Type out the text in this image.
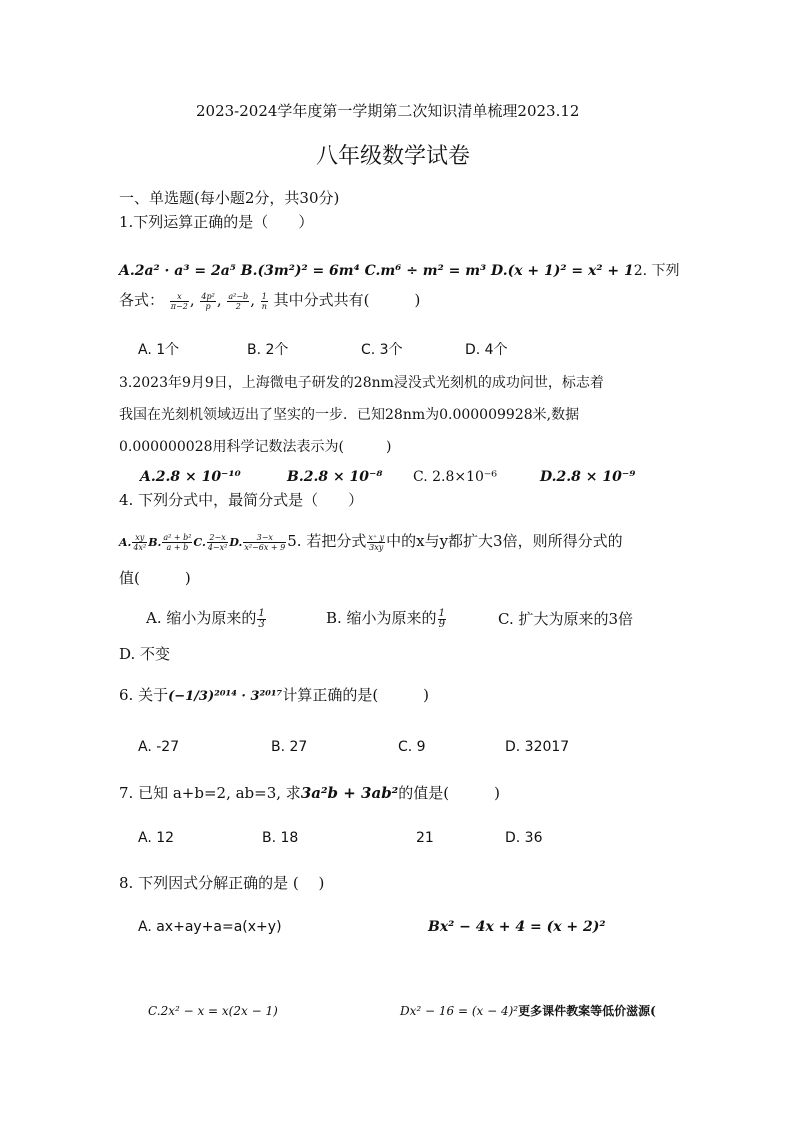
2023-2024学年度第一学期第二次知识清单梳理2023.12
八年级数学试卷
一、单选题(每小题2分，共30分)
1.下列运算正确的是（　　）
A.2a² · a³ = 2a⁵ B.(3m²)² = 6m⁴ C.m⁶ ÷ m² = m³ D.(x + 1)² = x² + 12. 下列
各式： $\frac{x}{\pi-2}$ , $\frac{\text{4p²}}{p}$ , $\frac{\text{a²−b}}{2}$ , $\frac{1}{n}$ 其中分式共有(　　　)
A. 1个	B. 2个	C. 3个	D. 4个
3.2023年9月9日，上海微电子研发的28nm浸没式光刻机的成功问世，标志着
我国在光刻机领域迈出了坚实的一步．已知28nm为0.000009928米,数据
0.000000028用科学记数法表示为(　　　)
A.2.8 × 10⁻¹⁰	B.2.8 × 10⁻⁸ C. 2.8×10⁻⁶	D.2.8 × 10⁻⁹
4. 下列分式中，最简分式是（　　）
A. $\frac{xy}{\text{4x²}} B$. $\frac{\text{a² + b²}}{a + b} C$. $\frac{2-x}{\text{4−x²}} D$. $\frac{3-x}{\text{x²−6x + 9}} 5$. 若把分式 $\frac{x^+ y}{3xy}$ 中的x与y都扩大3倍，则所得分式的
值(　　　)
A. 缩小为原来的 $\frac{1}{3}$	B. 缩小为原来的 $\frac{1}{9}$	C. 扩大为原来的3倍
D. 不变
6. 关于(−1/3)²⁰¹⁴ · 3²⁰¹⁷计算正确的是(　　　)
A. -27	B. 27	C. 9	D. 32017
7. 已知 a+b=2, ab=3, 求3a²b + 3ab²的值是(　　　)
A. 12	B. 18	21	D. 36
8. 下列因式分解正确的是 (　 )
A. ax+ay+a=a(x+y)	Bx² − 4x + 4 = (x + 2)²
C.2x² − x = x(2x − 1)	Dx² − 16 = (x − 4)²更多课件教案等低价滋源(
